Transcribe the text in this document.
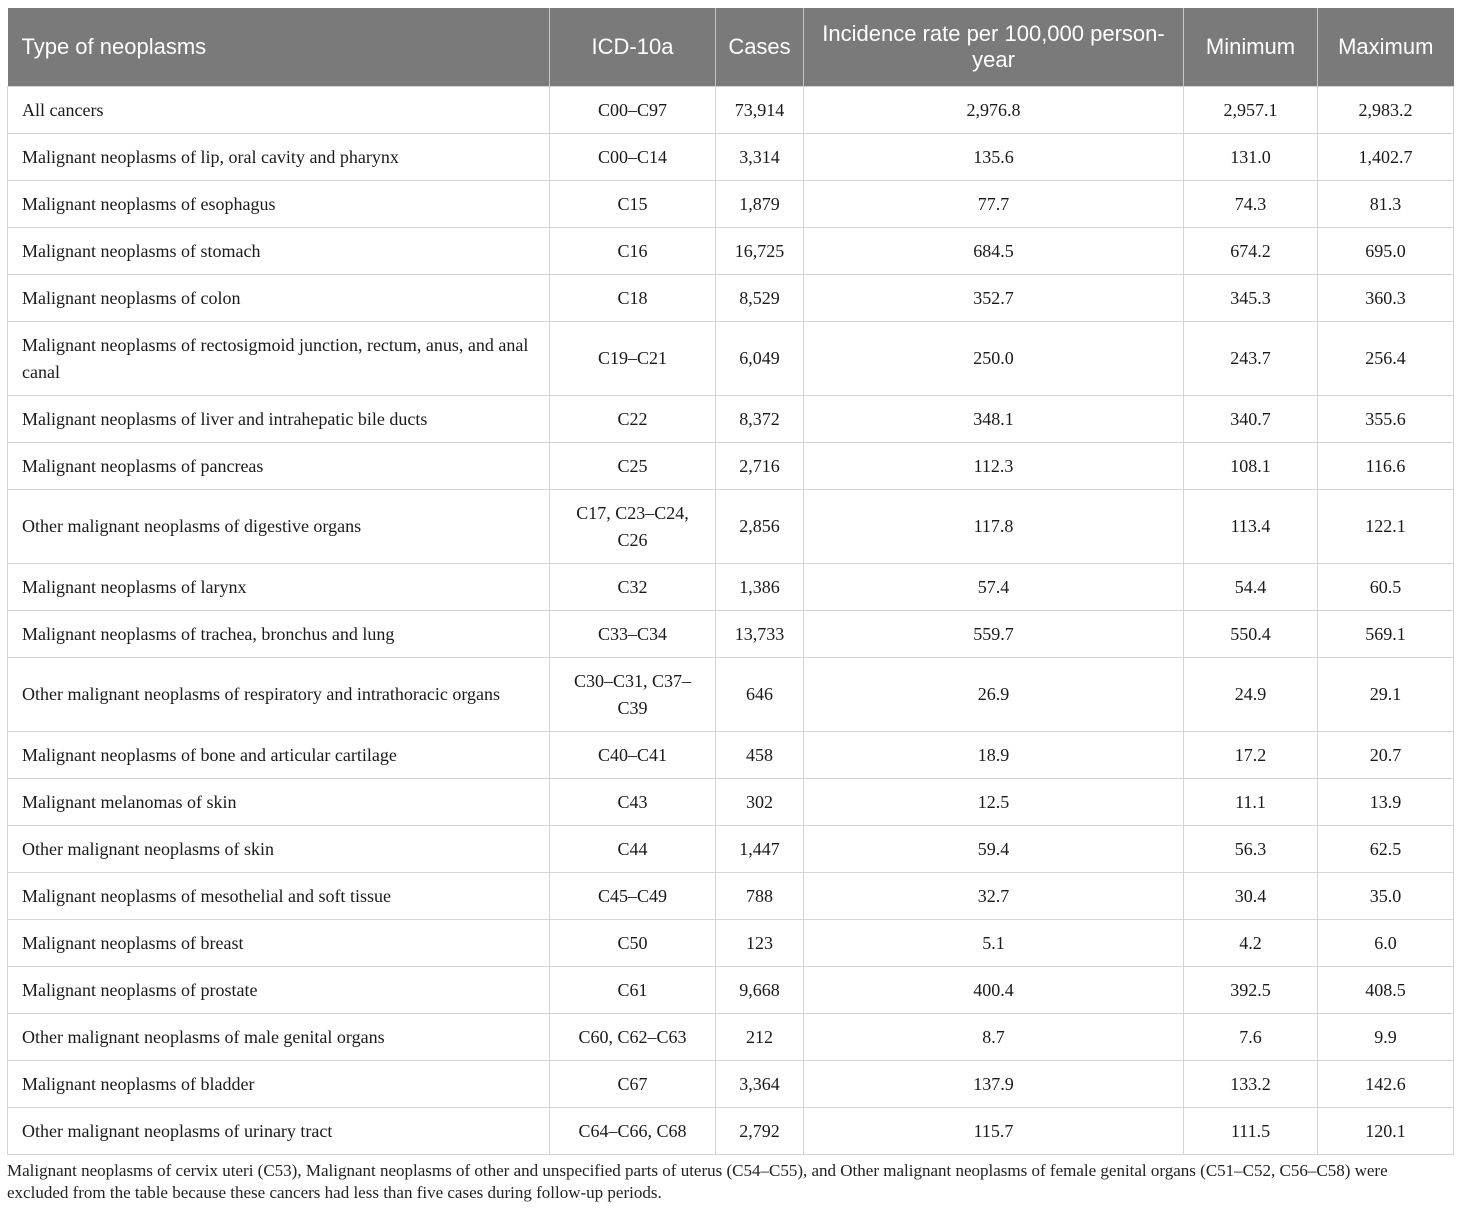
Type of neoplasms	ICD-10a	Cases	Incidence rate per 100,000 person-year	Minimum	Maximum
All cancers	C00–C97	73,914	2,976.8	2,957.1	2,983.2
Malignant neoplasms of lip, oral cavity and pharynx	C00–C14	3,314	135.6	131.0	1,402.7
Malignant neoplasms of esophagus	C15	1,879	77.7	74.3	81.3
Malignant neoplasms of stomach	C16	16,725	684.5	674.2	695.0
Malignant neoplasms of colon	C18	8,529	352.7	345.3	360.3
Malignant neoplasms of rectosigmoid junction, rectum, anus, and anal canal	C19–C21	6,049	250.0	243.7	256.4
Malignant neoplasms of liver and intrahepatic bile ducts	C22	8,372	348.1	340.7	355.6
Malignant neoplasms of pancreas	C25	2,716	112.3	108.1	116.6
Other malignant neoplasms of digestive organs	C17, C23–C24, C26	2,856	117.8	113.4	122.1
Malignant neoplasms of larynx	C32	1,386	57.4	54.4	60.5
Malignant neoplasms of trachea, bronchus and lung	C33–C34	13,733	559.7	550.4	569.1
Other malignant neoplasms of respiratory and intrathoracic organs	C30–C31, C37–C39	646	26.9	24.9	29.1
Malignant neoplasms of bone and articular cartilage	C40–C41	458	18.9	17.2	20.7
Malignant melanomas of skin	C43	302	12.5	11.1	13.9
Other malignant neoplasms of skin	C44	1,447	59.4	56.3	62.5
Malignant neoplasms of mesothelial and soft tissue	C45–C49	788	32.7	30.4	35.0
Malignant neoplasms of breast	C50	123	5.1	4.2	6.0
Malignant neoplasms of prostate	C61	9,668	400.4	392.5	408.5
Other malignant neoplasms of male genital organs	C60, C62–C63	212	8.7	7.6	9.9
Malignant neoplasms of bladder	C67	3,364	137.9	133.2	142.6
Other malignant neoplasms of urinary tract	C64–C66, C68	2,792	115.7	111.5	120.1
Malignant neoplasms of cervix uteri (C53), Malignant neoplasms of other and unspecified parts of uterus (C54–C55), and Other malignant neoplasms of female genital organs (C51–C52, C56–C58) were excluded from the table because these cancers had less than five cases during follow-up periods.
